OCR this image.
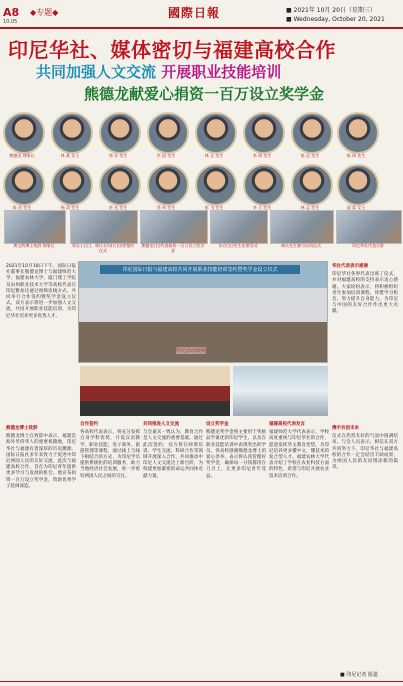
A8 ◆专题◆
10.05
國際日報	■ 2021年 10月 20日（星期三）
■ Wednesday, October 20, 2021
印尼华社、媒体密切与福建高校合作
共同加强人文交流 开展职业技能培训
熊德龙献爱心捐资一百万设立奖学金
熊德龙 理事长	林 燕 女士	郑 东 先生	洪 祖 先生	林 文 先生	李 涛 先生	陈 总 先生	陈 伟 先生
陈 昌 先生	杨 清 先生	余 光 先生	蔡 伟 先生	彭 飞 先生	李 立 先生	林 志 先生	邱 爱 女士
黄文辉博士致辞 理事长	郑女士(左)、林氏夫妇(右)出席签约仪式
熊德龙(右)代表捐资一百万设立奖学金
东方(左)先生出席活动	林氏先生参与启动仪式	印尼华社代表合影
印尼国际日报与福建高校共同开展职业技能培训签约暨奖学金设立仪式
印尼活动现场
2021年10月18日下午，国际日报社董事长熊德龙博士与福建师范大学、福建农林大学、厦门理工学院及泉州职业技术大学等高校代表在印尼雅加达通过视频连线方式，共同举行合作签约暨奖学金设立仪式。双方表示将进一步加强人文交流，共同开展职业技能培训，为印尼华社培养更多优秀人才。
熊德龙博士致辞
熊德龙博士在致辞中表示，福建是海外华侨华人的重要祖籍地，印尼华社与福建有着深厚的历史渊源。国际日报社多年来致力于促进中印尼两国人民的友好交流，此次与福建高校合作，旨在为印尼青年提供更多学习与发展的机会。他宣布捐资一百万设立奖学金，资助优秀学子赴闽深造。
合作签约
各高校代表表示，将充分发挥自身学科优势，开设汉语教学、职业技能、电子商务、旅游管理等课程，通过线上与线下相结合的方式，为印尼学员提供系统化的培训服务，助力当地经济社会发展，进一步密切两国人民之间的交往。
共同推进人文交流
与会嘉宾一致认为，教育合作是人文交流的重要基础。通过此次签约，双方将在师资培训、学生交流、科研合作等领域开展深入合作，共同推动中印尼人文交流迈上新台阶，为构建更加紧密的命运共同体贡献力量。
设立奖学金
熊德龙奖学金将主要用于奖励品学兼优的印尼学生，以及在职业技能培训中表现突出的学员。各高校感谢熊德龙博士的爱心善举，表示将认真管理好奖学金，确保每一分钱都用在刀刃上，让更多印尼青年受益。
福建高校代表发言
福建师范大学代表表示，学校高度重视与印尼华社的合作，愿意发挥华文教育优势，为印尼培养更多懂中文、懂技术的复合型人才。福建农林大学代表介绍了学校在农业科技方面的特色，希望与印尼开展农业技术培训合作。
华社代表表示感谢
印尼华社各界代表出席了仪式，并对福建高校的支持表示衷心感谢。大家纷纷表示，将积极组织青年参加培训课程，珍惜学习机会，努力提升自身能力，为印尼与中国的友好合作作出更大贡献。
携手共创未来
仪式在热烈友好的气氛中圆满结束。与会人员表示，相信在双方共同努力下，印尼华社与福建高校的合作一定会结出丰硕成果，为两国人民的友谊增添新的篇章。
■ 印尼记者 报道
